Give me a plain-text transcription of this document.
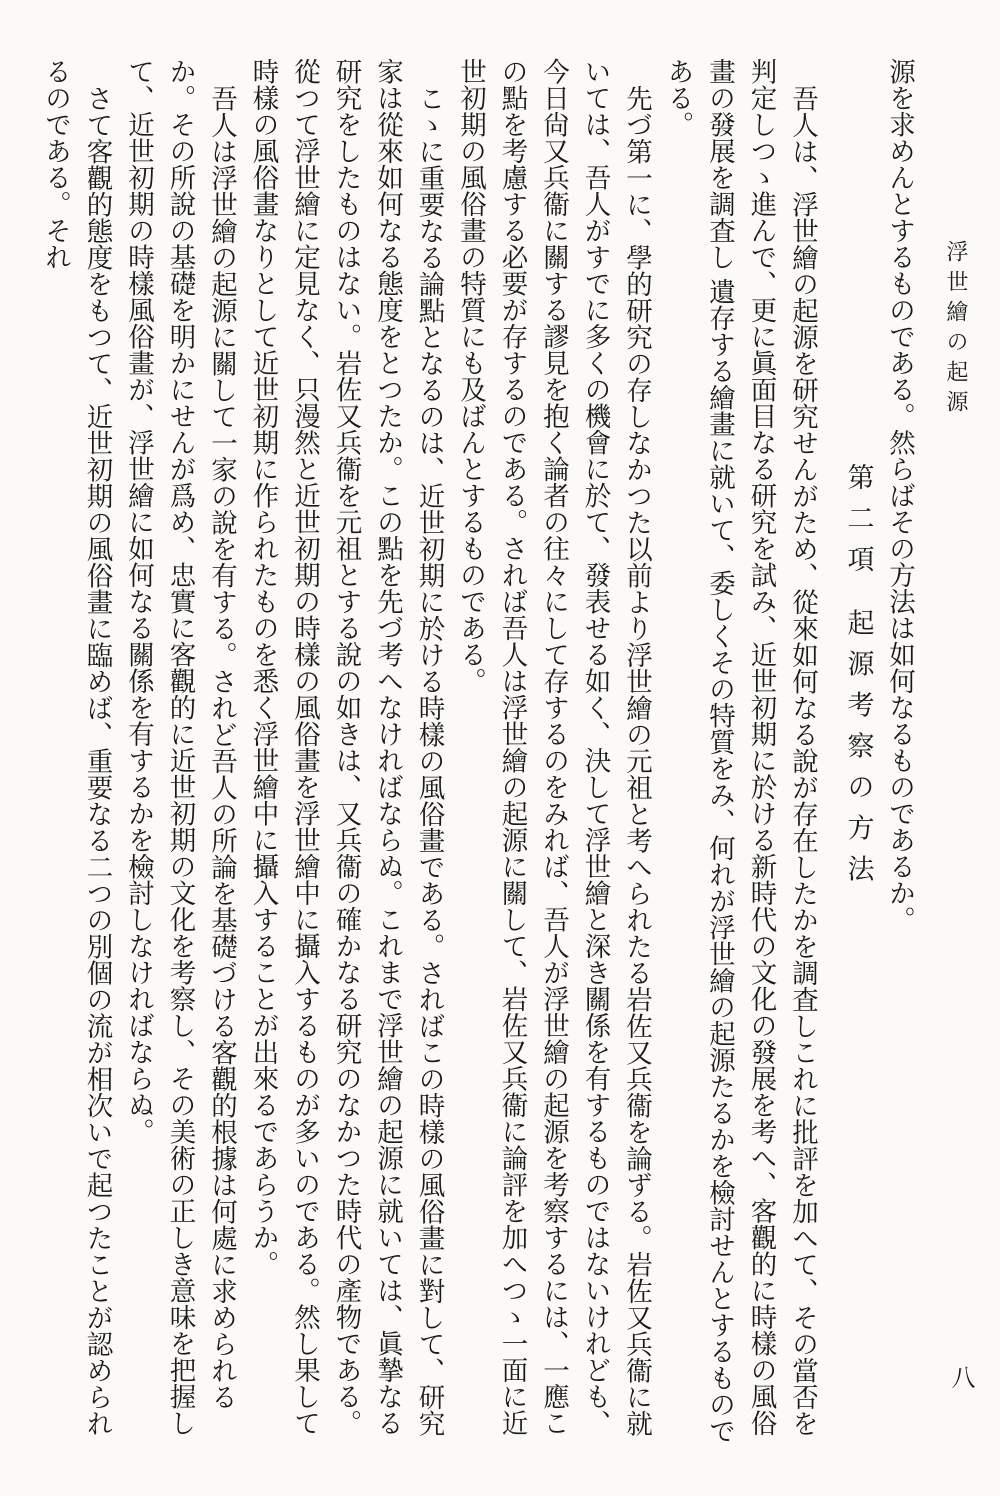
浮世繪の起源
八

源を求めんとするものである。然らばその方法は如何なるものであるか。

第二項 起源考察の方法

吾人は、浮世繪の起源を研究せんがため、從來如何なる說が存在したかを調査しこれに批評を加へて、その當否を判定しつゝ進んで、更に眞面目なる研究を試み、近世初期に於ける新時代の文化の發展を考へ、客觀的に時樣の風俗畫の發展を調査し 遺存する繪畫に就いて、委しくその特質をみ、何れが浮世繪の起源たるかを檢討せんとするものである。

先づ第一に、學的研究の存しなかつた以前より浮世繪の元祖と考へられたる岩佐又兵衞を論ずる。岩佐又兵衞に就いては、吾人がすでに多くの機會に於て、發表せる如く、決して浮世繪と深き關係を有するものではないけれども、今日尙又兵衞に關する謬見を抱く論者の往々にして存するのをみれば、吾人が浮世繪の起源を考察するには、一應この點を考慮する必要が存するのである。されば吾人は浮世繪の起源に關して、岩佐又兵衞に論評を加へつゝ一面に近世初期の風俗畫の特質にも及ばんとするものである。

こゝに重要なる論點となるのは、近世初期に於ける時樣の風俗畫である。さればこの時樣の風俗畫に對して、研究家は從來如何なる態度をとつたか。この點を先づ考へなければならぬ。これまで浮世繪の起源に就いては、眞摯なる研究をしたものはない。岩佐又兵衞を元祖とする說の如きは、又兵衞の確かなる研究のなかつた時代の產物である。從つて浮世繪に定見なく、只漫然と近世初期の時樣の風俗畫を浮世繪中に攝入するものが多いのである。然し果して時樣の風俗畫なりとして近世初期に作られたものを悉く浮世繪中に攝入することが出來るであらうか。

吾人は浮世繪の起源に關して一家の說を有する。されど吾人の所論を基礎づける客觀的根據は何處に求められるか。その所說の基礎を明かにせんが爲め、忠實に客觀的に近世初期の文化を考察し、その美術の正しき意味を把握して、近世初期の時樣風俗畫が、浮世繪に如何なる關係を有するかを檢討しなければならぬ。

さて客觀的態度をもつて、近世初期の風俗畫に臨めば、重要なる二つの別個の流が相次いで起つたことが認められるのである。それ
